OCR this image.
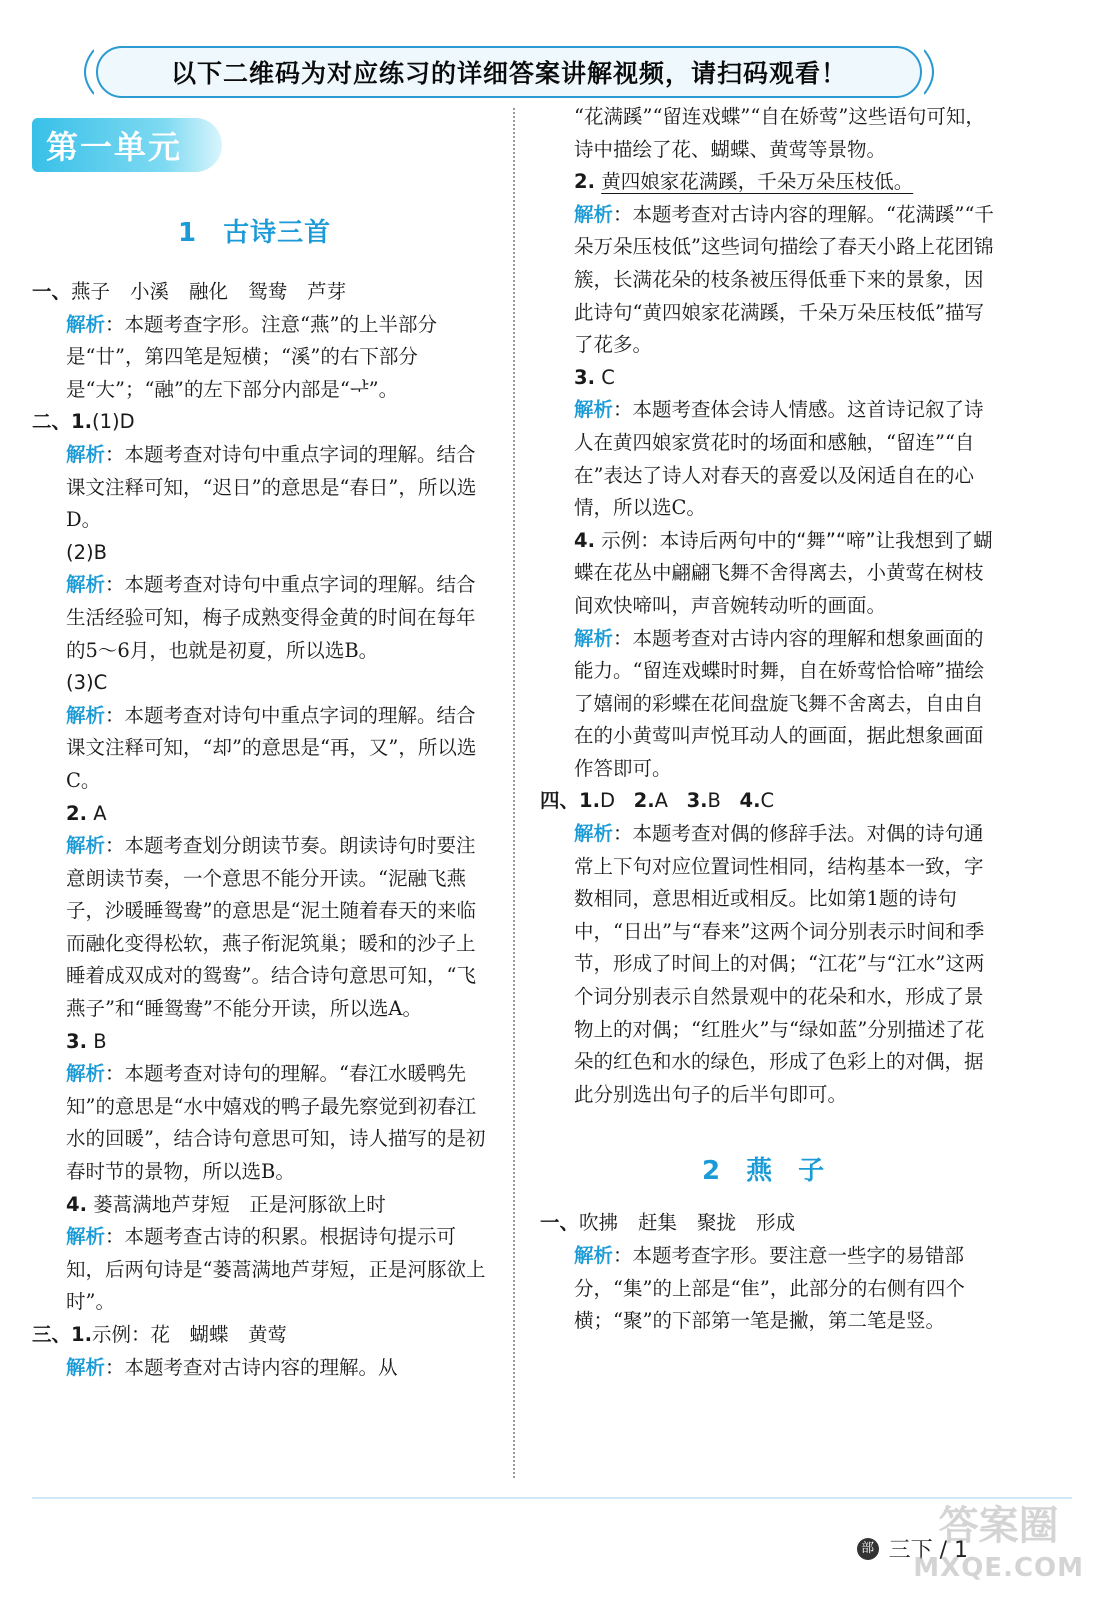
以下二维码为对应练习的详细答案讲解视频，请扫码观看！
第一单元
1 古诗三首

一、燕子 小溪 融化 鸳鸯 芦芽

解析：本题考查字形。注意“燕”的上半部分是“廿”，第四笔是短横；“溪”的右下部分是“大”；“融”的左下部分内部是“ᅷ”。

二、1.(1)D

解析：本题考查对诗句中重点字词的理解。结合课文注释可知，“迟日”的意思是“春日”，所以选D。

(2)B

解析：本题考查对诗句中重点字词的理解。结合生活经验可知，梅子成熟变得金黄的时间在每年的5～6月，也就是初夏，所以选B。

(3)C

解析：本题考查对诗句中重点字词的理解。结合课文注释可知，“却”的意思是“再，又”，所以选C。

2. A

解析：本题考查划分朗读节奏。朗读诗句时要注意朗读节奏，一个意思不能分开读。“泥融飞燕子，沙暖睡鸳鸯”的意思是“泥土随着春天的来临而融化变得松软，燕子衔泥筑巢；暖和的沙子上睡着成双成对的鸳鸯”。结合诗句意思可知，“飞燕子”和“睡鸳鸯”不能分开读，所以选A。

3. B

解析：本题考查对诗句的理解。“春江水暖鸭先知”的意思是“水中嬉戏的鸭子最先察觉到初春江水的回暖”，结合诗句意思可知，诗人描写的是初春时节的景物，所以选B。

4. 蒌蒿满地芦芽短　正是河豚欲上时

解析：本题考查古诗的积累。根据诗句提示可知，后两句诗是“蒌蒿满地芦芽短，正是河豚欲上时”。

三、1.示例：花　蝴蝶　黄莺

解析：本题考查对古诗内容的理解。从

“花满蹊”“留连戏蝶”“自在娇莺”这些语句可知，诗中描绘了花、蝴蝶、黄莺等景物。

2. 黄四娘家花满蹊，千朵万朵压枝低。

解析：本题考查对古诗内容的理解。“花满蹊”“千朵万朵压枝低”这些词句描绘了春天小路上花团锦簇，长满花朵的枝条被压得低垂下来的景象，因此诗句“黄四娘家花满蹊，千朵万朵压枝低”描写了花多。

3. C

解析：本题考查体会诗人情感。这首诗记叙了诗人在黄四娘家赏花时的场面和感触，“留连”“自在”表达了诗人对春天的喜爱以及闲适自在的心情，所以选C。

4. 示例：本诗后两句中的“舞”“啼”让我想到了蝴蝶在花丛中翩翩飞舞不舍得离去，小黄莺在树枝间欢快啼叫，声音婉转动听的画面。

解析：本题考查对古诗内容的理解和想象画面的能力。“留连戏蝶时时舞，自在娇莺恰恰啼”描绘了嬉闹的彩蝶在花间盘旋飞舞不舍离去，自由自在的小黄莺叫声悦耳动人的画面，据此想象画面作答即可。

四、1.D 2.A 3.B 4.C

解析：本题考查对偶的修辞手法。对偶的诗句通常上下句对应位置词性相同，结构基本一致，字数相同，意思相近或相反。比如第1题的诗句中，“日出”与“春来”这两个词分别表示时间和季节，形成了时间上的对偶；“江花”与“江水”这两个词分别表示自然景观中的花朵和水，形成了景物上的对偶；“红胜火”与“绿如蓝”分别描述了花朵的红色和水的绿色，形成了色彩上的对偶，据此分别选出句子的后半句即可。

2 燕　子

一、吹拂 赶集 聚拢 形成

解析：本题考查字形。要注意一些字的易错部分，“集”的上部是“隹”，此部分的右侧有四个横；“聚”的下部第一笔是撇，第二笔是竖。

部 三下 / 1
答案圈
MXQE.COM
